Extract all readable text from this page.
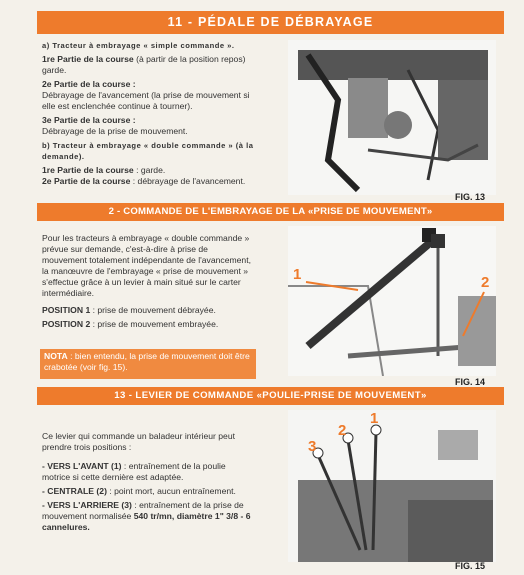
11 - PÉDALE DE DÉBRAYAGE

a) Tracteur à embrayage « simple commande ».

1re Partie de la course (à partir de la position repos) garde.

2e Partie de la course :
Débrayage de l'avancement (la prise de mouvement si elle est enclenchée continue à tourner).

3e Partie de la course :
Débrayage de la prise de mouvement.

b) Tracteur à embrayage « double commande » (à la demande).

1re Partie de la course : garde.

2e Partie de la course : débrayage de l'avancement.

FIG. 13
2 - COMMANDE DE L'EMBRAYAGE DE LA «PRISE DE MOUVEMENT»

Pour les tracteurs à embrayage « double commande » prévue sur demande, c'est-à-dire à prise de mouvement totalement indépendante de l'avancement, la manœuvre de l'embrayage « prise de mouvement » s'effectue grâce à un levier à main situé sur le carter intermédiaire.

POSITION 1 : prise de mouvement débrayée.

POSITION 2 : prise de mouvement embrayée.

NOTA : bien entendu, la prise de mouvement doit être crabotée (voir fig. 15).
1	2
FIG. 14
13 - LEVIER DE COMMANDE «POULIE-PRISE DE MOUVEMENT»

Ce levier qui commande un baladeur intérieur peut prendre trois positions :

- VERS L'AVANT (1) : entraînement de la poulie motrice si cette dernière est adaptée.

- CENTRALE (2) : point mort, aucun entraînement.

- VERS L'ARRIERE (3) : entraînement de la prise de mouvement normalisée 540 tr/mn, diamètre 1" 3/8 - 6 cannelures.

3
2
1
FIG. 15
